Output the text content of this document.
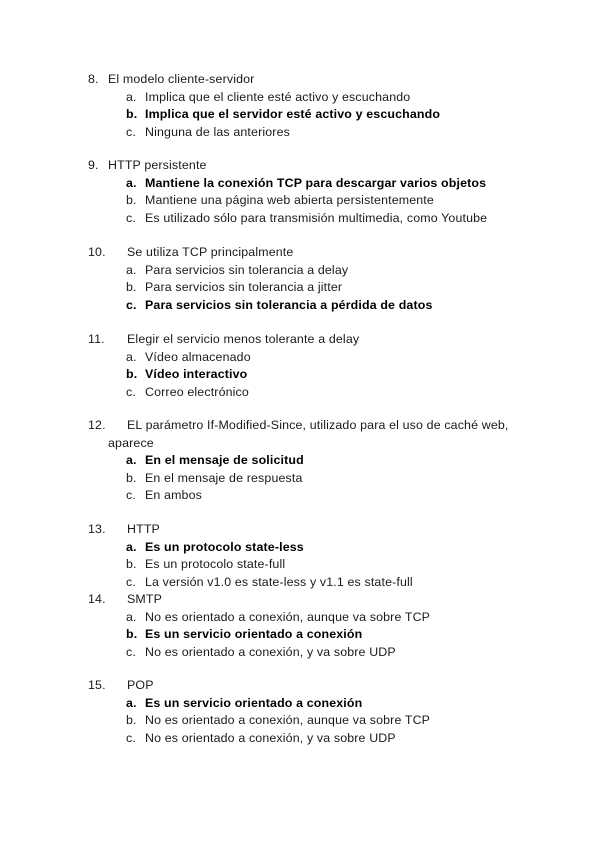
8. El modelo cliente-servidor
a. Implica que el cliente esté activo y escuchando
b. Implica que el servidor esté activo y escuchando
c. Ninguna de las anteriores
9. HTTP persistente
a. Mantiene la conexión TCP para descargar varios objetos
b. Mantiene una página web abierta persistentemente
c. Es utilizado sólo para transmisión multimedia, como Youtube
10. Se utiliza TCP principalmente
a. Para servicios sin tolerancia a delay
b. Para servicios sin tolerancia a jitter
c. Para servicios sin tolerancia a pérdida de datos
11. Elegir el servicio menos tolerante a delay
a. Vídeo almacenado
b. Vídeo interactivo
c. Correo electrónico
12. EL parámetro If-Modified-Since, utilizado para el uso de caché web,
aparece
a. En el mensaje de solicitud
b. En el mensaje de respuesta
c. En ambos
13. HTTP
a. Es un protocolo state-less
b. Es un protocolo state-full
c. La versión v1.0 es state-less y v1.1 es state-full
14. SMTP
a. No es orientado a conexión, aunque va sobre TCP
b. Es un servicio orientado a conexión
c. No es orientado a conexión, y va sobre UDP
15. POP
a. Es un servicio orientado a conexión
b. No es orientado a conexión, aunque va sobre TCP
c. No es orientado a conexión, y va sobre UDP
